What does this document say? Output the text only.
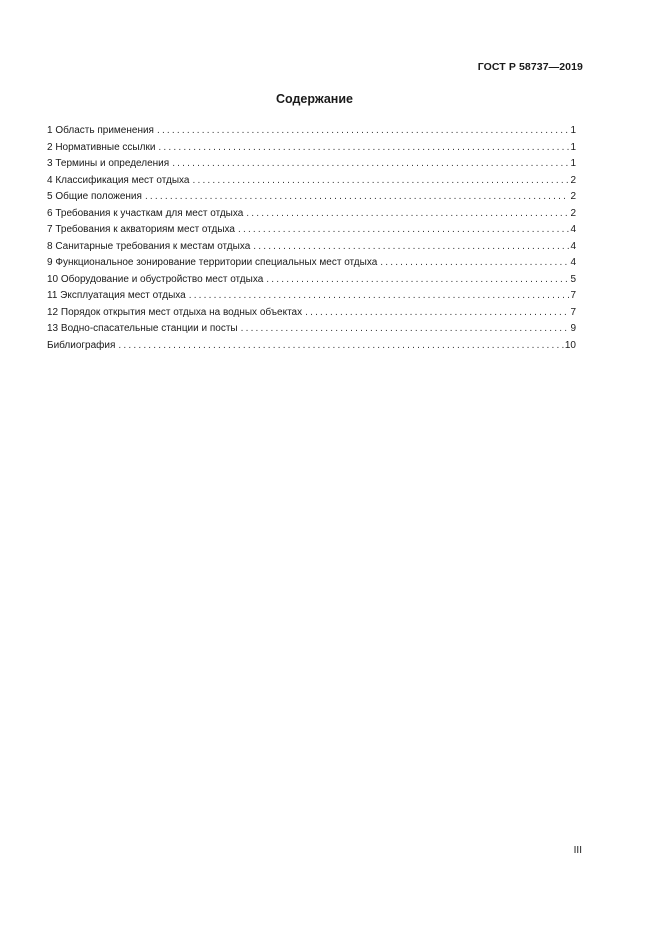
ГОСТ Р 58737—2019
Содержание
1 Область применения .....	1
2 Нормативные ссылки .....	1
3 Термины и определения .....	1
4 Классификация мест отдыха .....	2
5 Общие положения .....	2
6 Требования к участкам для мест отдыха .....	2
7 Требования к акваториям мест отдыха .....	4
8 Санитарные требования к местам отдыха .....	4
9 Функциональное зонирование территории специальных мест отдыха .....	4
10 Оборудование и обустройство мест отдыха .....	5
11 Эксплуатация мест отдыха .....	7
12 Порядок открытия мест отдыха на водных объектах .....	7
13 Водно-спасательные станции и посты .....	9
Библиография .....	10
III
